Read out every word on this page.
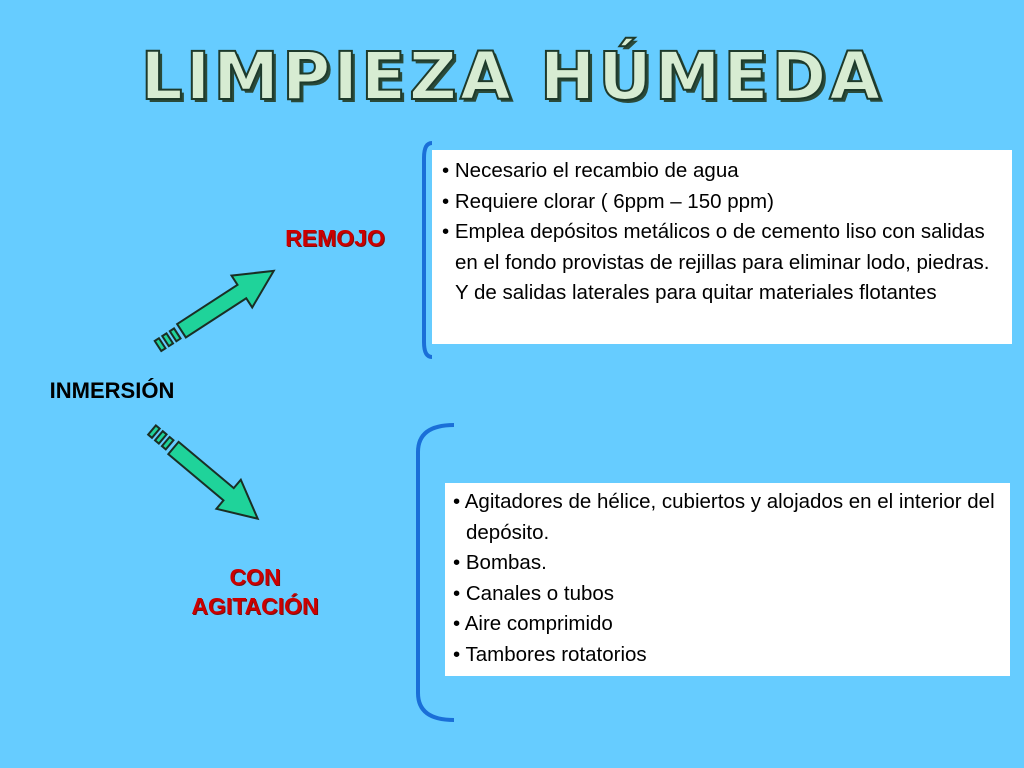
LIMPIEZA HÚMEDA
REMOJO
INMERSIÓN
CON
AGITACIÓN
• Necesario el recambio de agua
• Requiere clorar ( 6ppm – 150 ppm)
• Emplea depósitos metálicos o de cemento liso con salidas en el fondo provistas de rejillas para eliminar lodo, piedras. Y de salidas laterales para quitar materiales flotantes
• Agitadores de hélice, cubiertos y alojados en el interior del depósito.
• Bombas.
• Canales o tubos
• Aire comprimido
• Tambores rotatorios
